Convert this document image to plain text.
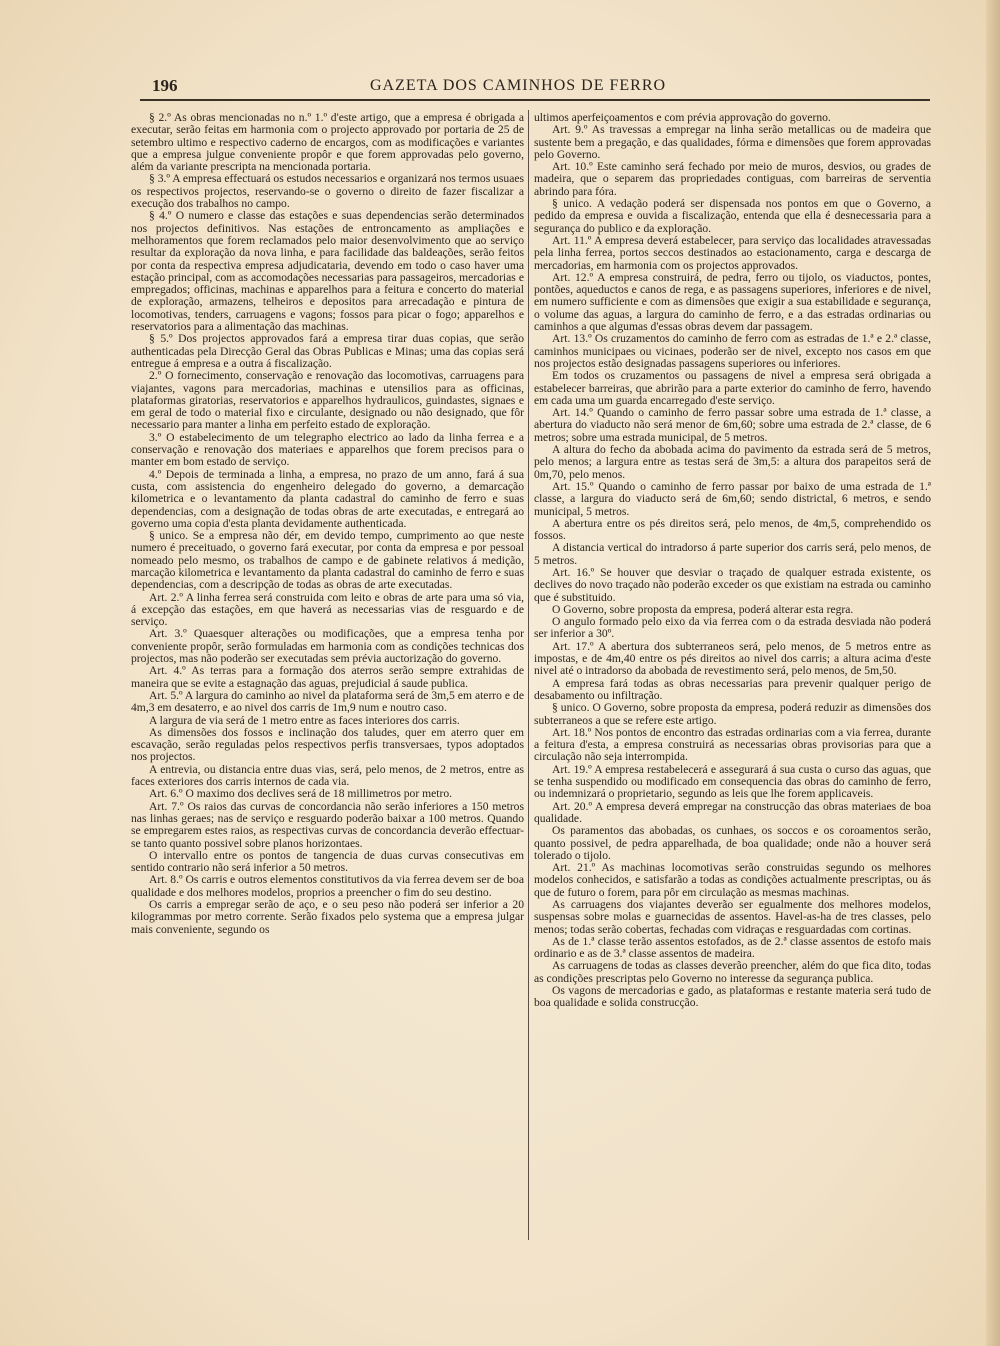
196	GAZETA DOS CAMINHOS DE FERRO

§ 2.º As obras mencionadas no n.º 1.º d'este artigo, que a empresa é obrigada a executar, serão feitas em harmonia com o projecto approvado por portaria de 25 de setembro ultimo e respectivo caderno de encargos, com as modificações e variantes que a empresa julgue conveniente propôr e que forem approvadas pelo governo, além da variante prescripta na mencionada portaria.

§ 3.º A empresa effectuará os estudos necessarios e organizará nos termos usuaes os respectivos projectos, reservando-se o governo o direito de fazer fiscalizar a execução dos trabalhos no campo.

§ 4.º O numero e classe das estações e suas dependencias serão determinados nos projectos definitivos. Nas estações de entroncamento as ampliações e melhoramentos que forem reclamados pelo maior desenvolvimento que ao serviço resultar da exploração da nova linha, e para facilidade das baldeações, serão feitos por conta da respectiva empresa adjudicataria, devendo em todo o caso haver uma estação principal, com as accomodações necessarias para passageiros, mercadorias e empregados; officinas, machinas e apparelhos para a feitura e concerto do material de exploração, armazens, telheiros e depositos para arrecadação e pintura de locomotivas, tenders, carruagens e vagons; fossos para picar o fogo; apparelhos e reservatorios para a alimentação das machinas.

§ 5.º Dos projectos approvados fará a empresa tirar duas copias, que serão authenticadas pela Direcção Geral das Obras Publicas e Minas; uma das copias será entregue á empresa e a outra á fiscalização.

2.º O fornecimento, conservação e renovação das locomotivas, carruagens para viajantes, vagons para mercadorias, machinas e utensilios para as officinas, plataformas giratorias, reservatorios e apparelhos hydraulicos, guindastes, signaes e em geral de todo o material fixo e circulante, designado ou não designado, que fôr necessario para manter a linha em perfeito estado de exploração.

3.º O estabelecimento de um telegrapho electrico ao lado da linha ferrea e a conservação e renovação dos materiaes e apparelhos que forem precisos para o manter em bom estado de serviço.

4.º Depois de terminada a linha, a empresa, no prazo de um anno, fará á sua custa, com assistencia do engenheiro delegado do governo, a demarcação kilometrica e o levantamento da planta cadastral do caminho de ferro e suas dependencias, com a designação de todas obras de arte executadas, e entregará ao governo uma copia d'esta planta devidamente authenticada.

§ unico. Se a empresa não dér, em devido tempo, cumprimento ao que neste numero é preceituado, o governo fará executar, por conta da empresa e por pessoal nomeado pelo mesmo, os trabalhos de campo e de gabinete relativos á medição, marcação kilometrica e levantamento da planta cadastral do caminho de ferro e suas dependencias, com a descripção de todas as obras de arte executadas.

Art. 2.º A linha ferrea será construida com leito e obras de arte para uma só via, á excepção das estações, em que haverá as necessarias vias de resguardo e de serviço.

Art. 3.º Quaesquer alterações ou modificações, que a empresa tenha por conveniente propôr, serão formuladas em harmonia com as condições technicas dos projectos, mas não poderão ser executadas sem prévia auctorização do governo.

Art. 4.º As terras para a formação dos aterros serão sempre extrahidas de maneira que se evite a estagnação das aguas, prejudicial á saude publica.

Art. 5.º A largura do caminho ao nivel da plataforma será de 3m,5 em aterro e de 4m,3 em desaterro, e ao nivel dos carris de 1m,9 num e noutro caso.

A largura de via será de 1 metro entre as faces interiores dos carris.

As dimensões dos fossos e inclinação dos taludes, quer em aterro quer em escavação, serão reguladas pelos respectivos perfis transversaes, typos adoptados nos projectos.

A entrevia, ou distancia entre duas vias, será, pelo menos, de 2 metros, entre as faces exteriores dos carris internos de cada via.

Art. 6.º O maximo dos declives será de 18 millimetros por metro.

Art. 7.º Os raios das curvas de concordancia não serão inferiores a 150 metros nas linhas geraes; nas de serviço e resguardo poderão baixar a 100 metros. Quando se empregarem estes raios, as respectivas curvas de concordancia deverão effectuar-se tanto quanto possivel sobre planos horizontaes.

O intervallo entre os pontos de tangencia de duas curvas consecutivas em sentido contrario não será inferior a 50 metros.

Art. 8.º Os carris e outros elementos constitutivos da via ferrea devem ser de boa qualidade e dos melhores modelos, proprios a preencher o fim do seu destino.

Os carris a empregar serão de aço, e o seu peso não poderá ser inferior a 20 kilogrammas por metro corrente. Serão fixados pelo systema que a empresa julgar mais conveniente, segundo os

ultimos aperfeiçoamentos e com prévia approvação do governo.

Art. 9.º As travessas a empregar na linha serão metallicas ou de madeira que sustente bem a pregação, e das qualidades, fórma e dimensões que forem approvadas pelo Governo.

Art. 10.º Este caminho será fechado por meio de muros, desvios, ou grades de madeira, que o separem das propriedades contiguas, com barreiras de serventia abrindo para fóra.

§ unico. A vedação poderá ser dispensada nos pontos em que o Governo, a pedido da empresa e ouvida a fiscalização, entenda que ella é desnecessaria para a segurança do publico e da exploração.

Art. 11.º A empresa deverá estabelecer, para serviço das localidades atravessadas pela linha ferrea, portos seccos destinados ao estacionamento, carga e descarga de mercadorias, em harmonia com os projectos approvados.

Art. 12.º A empresa construirá, de pedra, ferro ou tijolo, os viaductos, pontes, pontões, aqueductos e canos de rega, e as passagens superiores, inferiores e de nivel, em numero sufficiente e com as dimensões que exigir a sua estabilidade e segurança, o volume das aguas, a largura do caminho de ferro, e a das estradas ordinarias ou caminhos a que algumas d'essas obras devem dar passagem.

Art. 13.º Os cruzamentos do caminho de ferro com as estradas de 1.ª e 2.ª classe, caminhos municipaes ou vicinaes, poderão ser de nivel, excepto nos casos em que nos projectos estão designadas passagens superiores ou inferiores.

Em todos os cruzamentos ou passagens de nivel a empresa será obrigada a estabelecer barreiras, que abrirão para a parte exterior do caminho de ferro, havendo em cada uma um guarda encarregado d'este serviço.

Art. 14.º Quando o caminho de ferro passar sobre uma estrada de 1.ª classe, a abertura do viaducto não será menor de 6m,60; sobre uma estrada de 2.ª classe, de 6 metros; sobre uma estrada municipal, de 5 metros.

A altura do fecho da abobada acima do pavimento da estrada será de 5 metros, pelo menos; a largura entre as testas será de 3m,5: a altura dos parapeitos será de 0m,70, pelo menos.

Art. 15.º Quando o caminho de ferro passar por baixo de uma estrada de 1.ª classe, a largura do viaducto será de 6m,60; sendo districtal, 6 metros, e sendo municipal, 5 metros.

A abertura entre os pés direitos será, pelo menos, de 4m,5, comprehendido os fossos.

A distancia vertical do intradorso á parte superior dos carris será, pelo menos, de 5 metros.

Art. 16.º Se houver que desviar o traçado de qualquer estrada existente, os declives do novo traçado não poderão exceder os que existiam na estrada ou caminho que é substituido.

O Governo, sobre proposta da empresa, poderá alterar esta regra.

O angulo formado pelo eixo da via ferrea com o da estrada desviada não poderá ser inferior a 30º.

Art. 17.º A abertura dos subterraneos será, pelo menos, de 5 metros entre as impostas, e de 4m,40 entre os pés direitos ao nivel dos carris; a altura acima d'este nivel até o intradorso da abobada de revestimento será, pelo menos, de 5m,50.

A empresa fará todas as obras necessarias para prevenir qualquer perigo de desabamento ou infiltração.

§ unico. O Governo, sobre proposta da empresa, poderá reduzir as dimensões dos subterraneos a que se refere este artigo.

Art. 18.º Nos pontos de encontro das estradas ordinarias com a via ferrea, durante a feitura d'esta, a empresa construirá as necessarias obras provisorias para que a circulação não seja interrompida.

Art. 19.º A empresa restabelecerá e assegurará á sua custa o curso das aguas, que se tenha suspendido ou modificado em consequencia das obras do caminho de ferro, ou indemnizará o proprietario, segundo as leis que lhe forem applicaveis.

Art. 20.º A empresa deverá empregar na construcção das obras materiaes de boa qualidade.

Os paramentos das abobadas, os cunhaes, os soccos e os coroamentos serão, quanto possivel, de pedra apparelhada, de boa qualidade; onde não a houver será tolerado o tijolo.

Art. 21.º As machinas locomotivas serão construidas segundo os melhores modelos conhecidos, e satisfarão a todas as condições actualmente prescriptas, ou ás que de futuro o forem, para pôr em circulação as mesmas machinas.

As carruagens dos viajantes deverão ser egualmente dos melhores modelos, suspensas sobre molas e guarnecidas de assentos. Havel-as-ha de tres classes, pelo menos; todas serão cobertas, fechadas com vidraças e resguardadas com cortinas.

As de 1.ª classe terão assentos estofados, as de 2.ª classe assentos de estofo mais ordinario e as de 3.ª classe assentos de madeira.

As carruagens de todas as classes deverão preencher, além do que fica dito, todas as condições prescriptas pelo Governo no interesse da segurança publica.

Os vagons de mercadorias e gado, as plataformas e restante materia será tudo de boa qualidade e solida construcção.
